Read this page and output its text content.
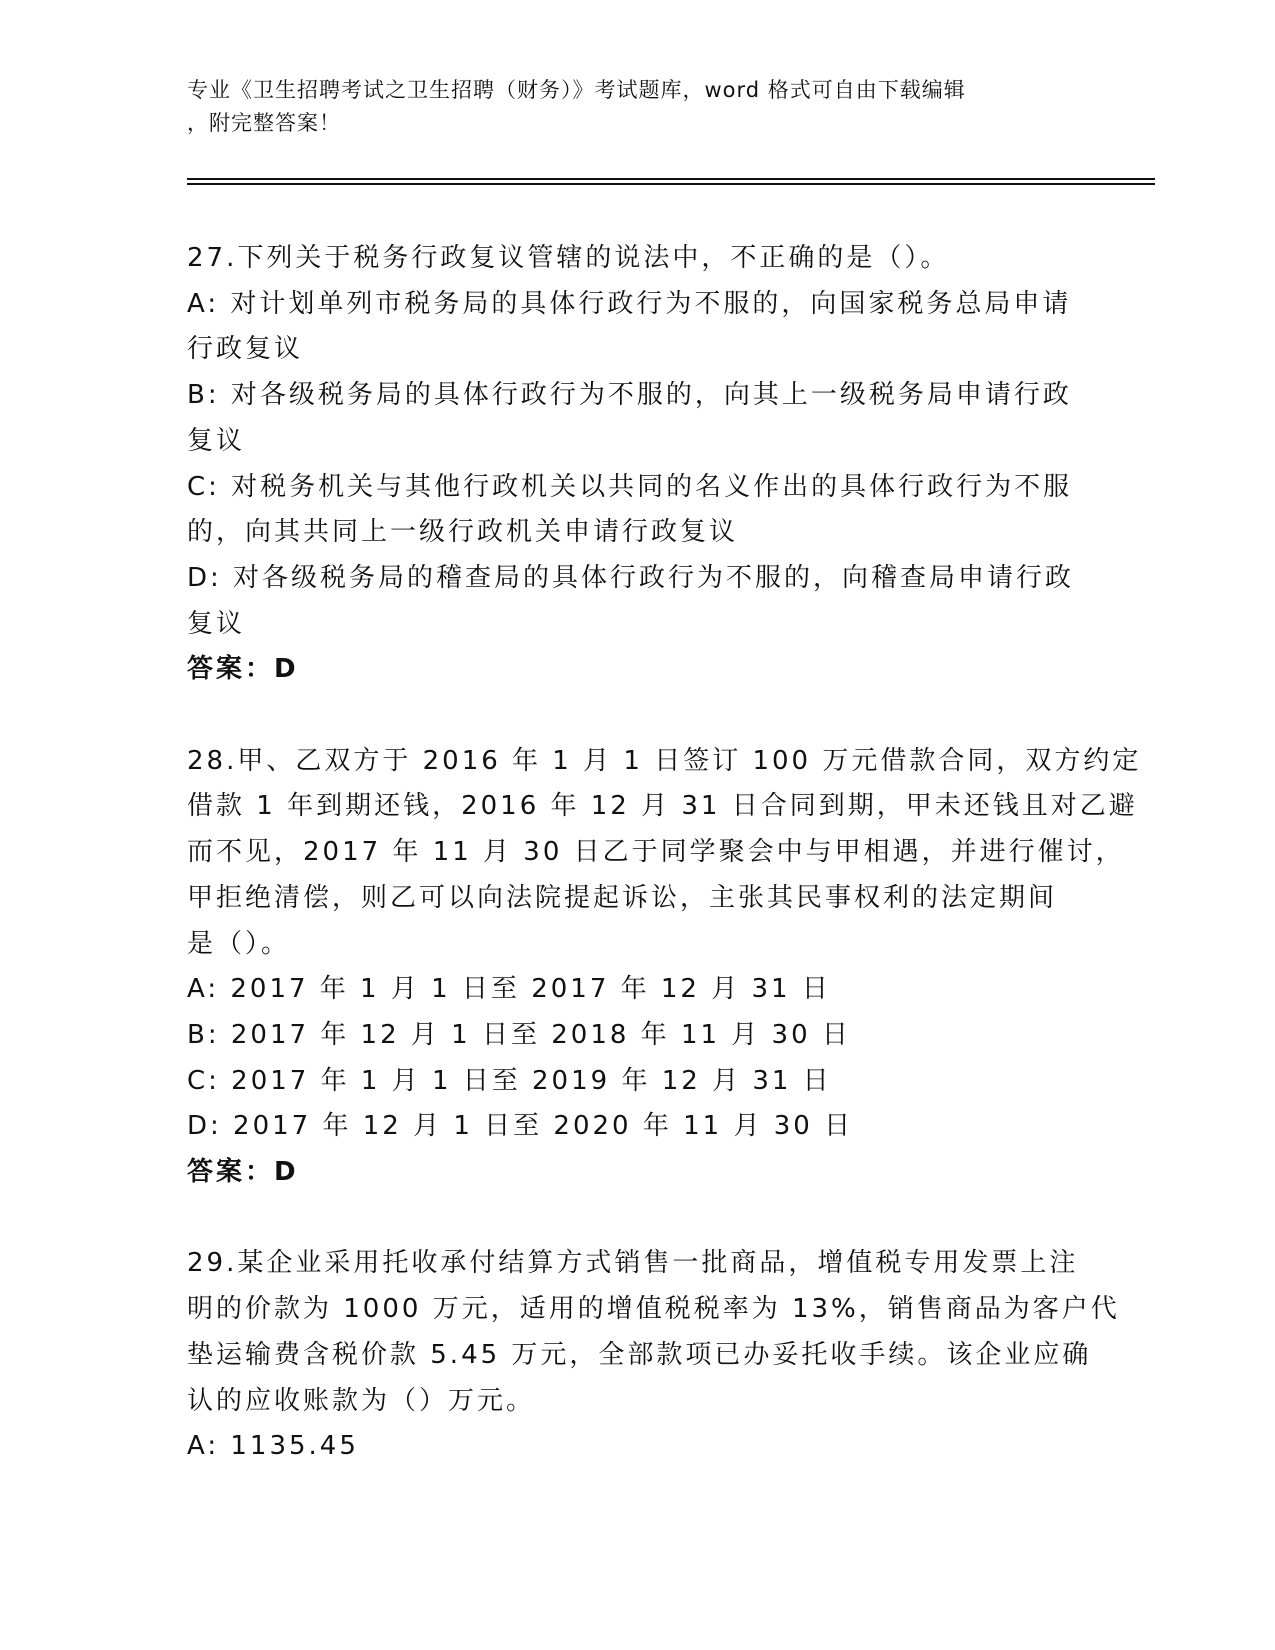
专业《卫生招聘考试之卫生招聘（财务）》考试题库，word 格式可自由下载编辑
，附完整答案！
27.下列关于税务行政复议管辖的说法中，不正确的是（）。
A: 对计划单列市税务局的具体行政行为不服的，向国家税务总局申请
行政复议
B: 对各级税务局的具体行政行为不服的，向其上一级税务局申请行政
复议
C: 对税务机关与其他行政机关以共同的名义作出的具体行政行为不服
的，向其共同上一级行政机关申请行政复议
D: 对各级税务局的稽查局的具体行政行为不服的，向稽查局申请行政
复议
答案：D
28.甲、乙双方于 2016 年 1 月 1 日签订 100 万元借款合同，双方约定
借款 1 年到期还钱，2016 年 12 月 31 日合同到期，甲未还钱且对乙避
而不见，2017 年 11 月 30 日乙于同学聚会中与甲相遇，并进行催讨，
甲拒绝清偿，则乙可以向法院提起诉讼，主张其民事权利的法定期间
是（）。
A: 2017 年 1 月 1 日至 2017 年 12 月 31 日
B: 2017 年 12 月 1 日至 2018 年 11 月 30 日
C: 2017 年 1 月 1 日至 2019 年 12 月 31 日
D: 2017 年 12 月 1 日至 2020 年 11 月 30 日
答案：D
29.某企业采用托收承付结算方式销售一批商品，增值税专用发票上注
明的价款为 1000 万元，适用的增值税税率为 13%，销售商品为客户代
垫运输费含税价款 5.45 万元，全部款项已办妥托收手续。该企业应确
认的应收账款为（）万元。
A: 1135.45
